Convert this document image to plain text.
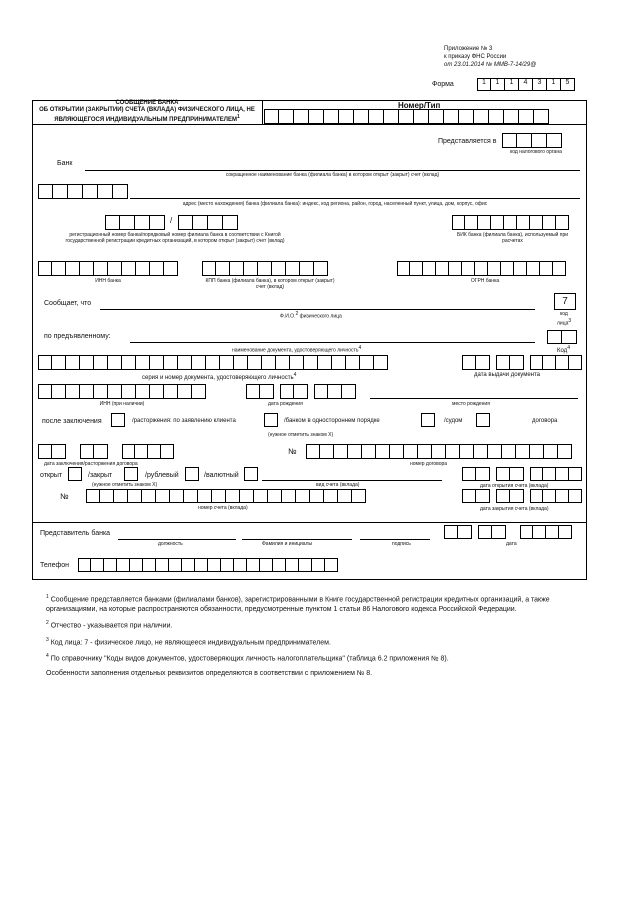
Приложение № 3
к приказу ФНС России
от 23.01.2014 № ММВ-7-14/29@
Форма	1	1	1	4	3	1	5
СООБЩЕНИЕ БАНКА
ОБ ОТКРЫТИИ (ЗАКРЫТИИ) СЧЕТА (ВКЛАДА) ФИЗИЧЕСКОГО ЛИЦА, НЕ
ЯВЛЯЮЩЕГОСЯ ИНДИВИДУАЛЬНЫМ ПРЕДПРИНИМАТЕЛЕМ$^1$
Номер/Тип
Представляется в
код налогового органа
Банк
сокращенное наименование банка (филиала банка) в котором открыт (закрыт) счет (вклад)
адрес (место нахождения) банка (филиала банка): индекс, код региона, район, город, населенный пункт, улица, дом, корпус, офис
/
регистрационный номер банка/порядковый номер филиала банка в соответствии с Книгой государственной регистрации кредитных организаций, в котором открыт (закрыт) счет (вклад)
БИК банка (филиала банка), используемый при расчетах
ИНН банка	КПП банка (филиала банка), в котором открыт (закрыт) счет (вклад)
ОГРН банка
Сообщает, что
Ф.И.О.$^2$ физического лица
7
код
лица$^3$
по предъявленному:
наименование документа, удостоверяющего личность$^4$	Код$^4$
серия и номер документа, удостоверяющего личность$^4$	дата выдачи документа
ИНН (при наличии)	дата рождения	место рождения
после заключения	/расторжения: по заявлению клиента	/банком в одностороннем порядке	/судом	договора
(нужное отметить знаком X)
дата заключения/расторжения договора
№
номер договора
открыт	/закрыт	/рублевый	/валютный
(нужное отметить знаком X)	вид счета (вклада)	дата открытия счета (вклада)
№
номер счета (вклада)	дата закрытия счета (вклада)
Представитель банка
должность	Фамилия и инициалы	подпись	дата
Телефон

$^1$ Сообщение представляется банками (филиалами банков), зарегистрированными в Книге государственной регистрации кредитных организаций, а также организациями, на которые распространяются обязанности, предусмотренные пунктом 1 статьи 86 Налогового кодекса Российской Федерации.

$^2$ Отчество - указывается при наличии.

$^3$ Код лица: 7 - физическое лицо, не являющееся индивидуальным предпринимателем.

$^4$ По справочнику "Коды видов документов, удостоверяющих личность налогоплательщика" (таблица 6.2 приложения № 8).

Особенности заполнения отдельных реквизитов определяются в соответствии с приложением № 8.
